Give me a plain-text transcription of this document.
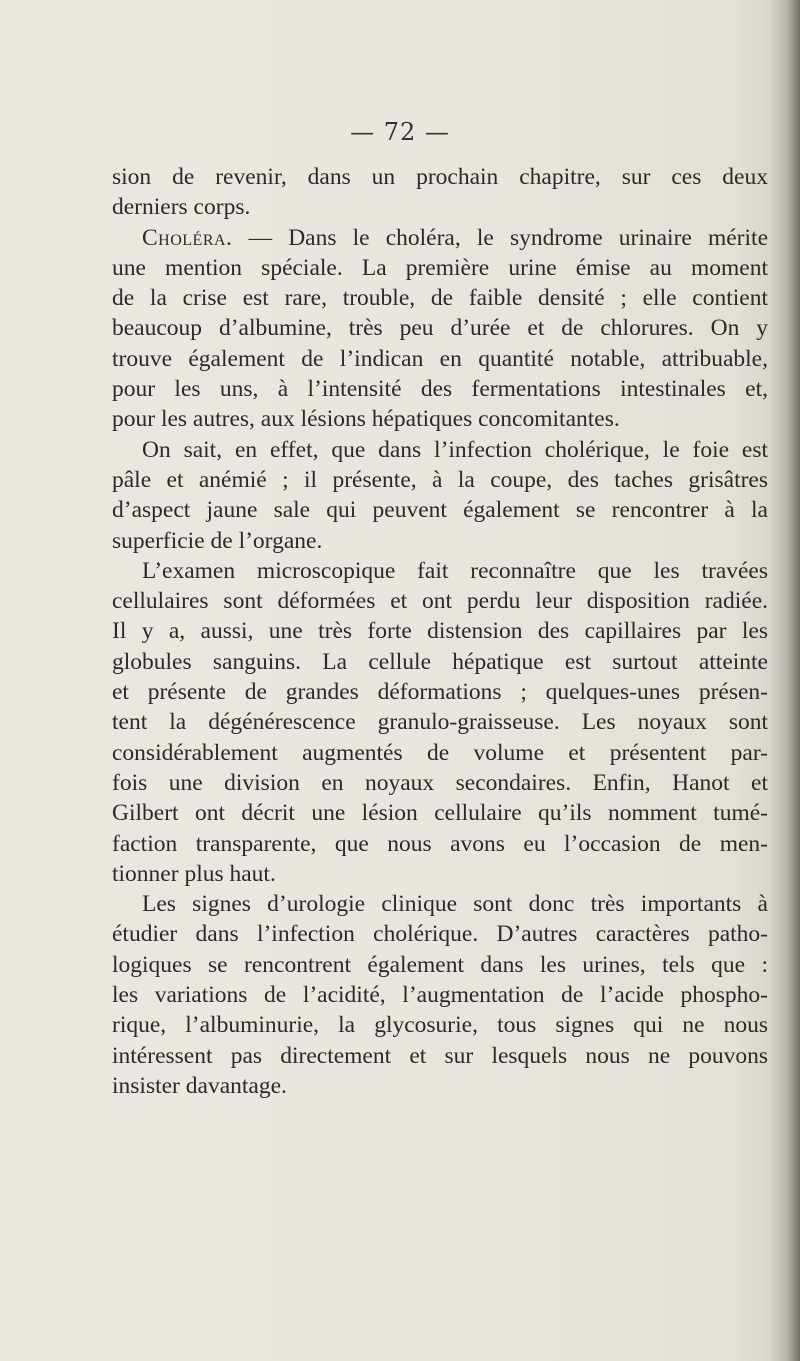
— 72 —
sion de revenir, dans un prochain chapitre, sur ces deux
derniers corps.
Choléra. — Dans le choléra, le syndrome urinaire mérite
une mention spéciale. La première urine émise au moment
de la crise est rare, trouble, de faible densité ; elle contient
beaucoup d’albumine, très peu d’urée et de chlorures. On y
trouve également de l’indican en quantité notable, attribuable,
pour les uns, à l’intensité des fermentations intestinales et,
pour les autres, aux lésions hépatiques concomitantes.
On sait, en effet, que dans l’infection cholérique, le foie est
pâle et anémié ; il présente, à la coupe, des taches grisâtres
d’aspect jaune sale qui peuvent également se rencontrer à la
superficie de l’organe.
L’examen microscopique fait reconnaître que les travées
cellulaires sont déformées et ont perdu leur disposition radiée.
Il y a, aussi, une très forte distension des capillaires par les
globules sanguins. La cellule hépatique est surtout atteinte
et présente de grandes déformations ; quelques-unes présen-
tent la dégénérescence granulo-graisseuse. Les noyaux sont
considérablement augmentés de volume et présentent par-
fois une division en noyaux secondaires. Enfin, Hanot et
Gilbert ont décrit une lésion cellulaire qu’ils nomment tumé-
faction transparente, que nous avons eu l’occasion de men-
tionner plus haut.
Les signes d’urologie clinique sont donc très importants à
étudier dans l’infection cholérique. D’autres caractères patho-
logiques se rencontrent également dans les urines, tels que :
les variations de l’acidité, l’augmentation de l’acide phospho-
rique, l’albuminurie, la glycosurie, tous signes qui ne nous
intéressent pas directement et sur lesquels nous ne pouvons
insister davantage.
